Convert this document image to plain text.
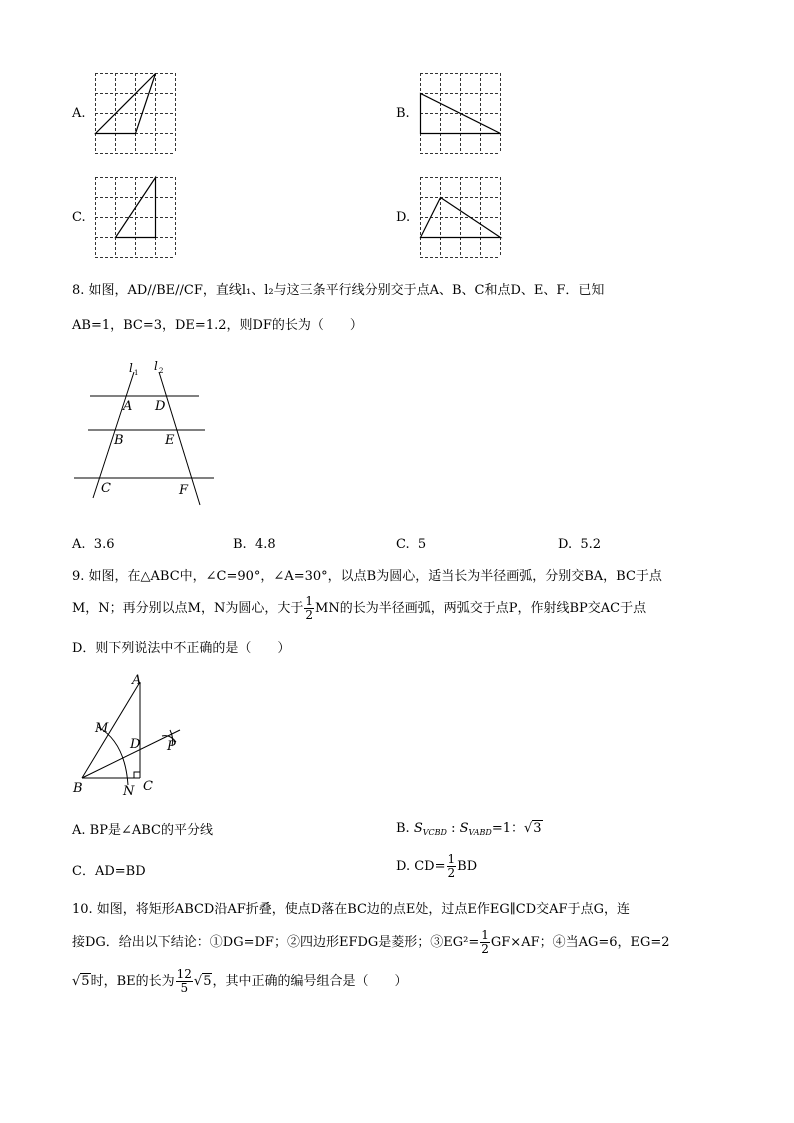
A.	B.
C.	D.
8. 如图，AD//BE//CF，直线l₁、l₂与这三条平行线分别交于点A、B、C和点D、E、F．已知
AB=1，BC=3，DE=1.2，则DF的长为（　　）
l 1 l 2
A D
B	E
C	F
A. 3.6	B. 4.8	C. 5	D. 5.2
9. 如图，在△ABC中，∠C=90°，∠A=30°，以点B为圆心，适当长为半径画弧，分别交BA，BC于点
M，N；再分别以点M，N为圆心，大于 $\frac{1}{2}$ MN的长为半径画弧，两弧交于点P，作射线BP交AC于点
D．则下列说法中不正确的是（　　）
A
M
D P
B	N C
A. BP是∠ABC的平分线	B. $S_{VCBD}$ : $S_{VABD}=1$：√3
C．AD=BD	D. $CD= \frac{1}{2}$ BD
10. 如图，将矩形ABCD沿AF折叠，使点D落在BC边的点E处，过点E作EG∥CD交AF于点G，连
接DG．给出以下结论：①DG=DF；②四边形EFDG是菱形；③EG²= $\frac{1}{2} GF\times AF$；④当AG=6，EG=2
√5时，BE的长为 $\frac{12}{5} √5$，其中正确的编号组合是（　　）
